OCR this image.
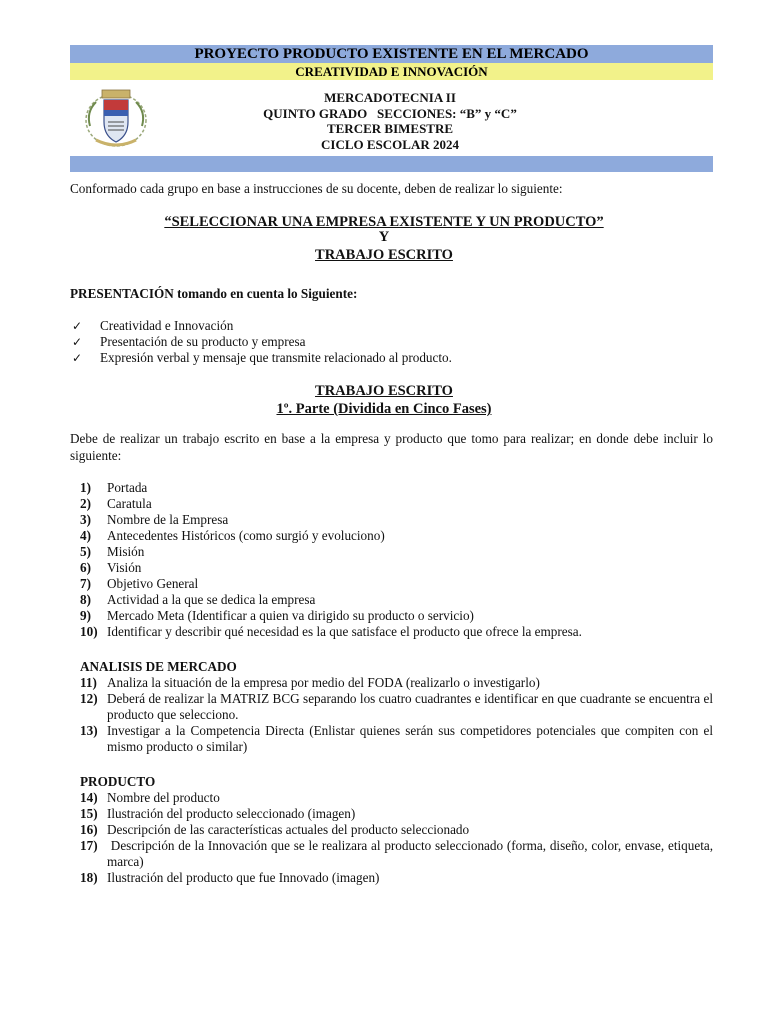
PROYECTO PRODUCTO EXISTENTE EN EL MERCADO
CREATIVIDAD E INNOVACIÓN
MERCADOTECNIA II
QUINTO GRADO   SECCIONES: “B” y “C”
TERCER BIMESTRE
CICLO ESCOLAR 2024

Conformado cada grupo en base a instrucciones de su docente, deben de realizar lo siguiente:

“SELECCIONAR UNA EMPRESA EXISTENTE Y UN PRODUCTO”
Y
TRABAJO ESCRITO
PRESENTACIÓN tomando en cuenta lo Siguiente:
✓ Creatividad e Innovación
✓ Presentación de su producto y empresa
✓ Expresión verbal y mensaje que transmite relacionado al producto.
TRABAJO ESCRITO
1º. Parte (Dividida en Cinco Fases)

Debe de realizar un trabajo escrito en base a la empresa y producto que tomo para realizar; en donde debe incluir lo siguiente:

1)	Portada
2)	Caratula
3)	Nombre de la Empresa
4)	Antecedentes Históricos (como surgió y evoluciono)
5)	Misión
6)	Visión
7)	Objetivo General
8)	Actividad a la que se dedica la empresa
9)	Mercado Meta (Identificar a quien va dirigido su producto o servicio)
10) Identificar y describir qué necesidad es la que satisface el producto que ofrece la empresa.
ANALISIS DE MERCADO
11) Analiza la situación de la empresa por medio del FODA (realizarlo o investigarlo)
12) Deberá de realizar la MATRIZ BCG separando los cuatro cuadrantes e identificar en que cuadrante se encuentra el producto que selecciono.
13) Investigar a la Competencia Directa (Enlistar quienes serán sus competidores potenciales que compiten con el mismo producto o similar)
PRODUCTO
14) Nombre del producto
15) Ilustración del producto seleccionado (imagen)
16) Descripción de las características actuales del producto seleccionado
17) Descripción de la Innovación que se le realizara al producto seleccionado (forma, diseño, color, envase, etiqueta, marca)
18) Ilustración del producto que fue Innovado (imagen)
